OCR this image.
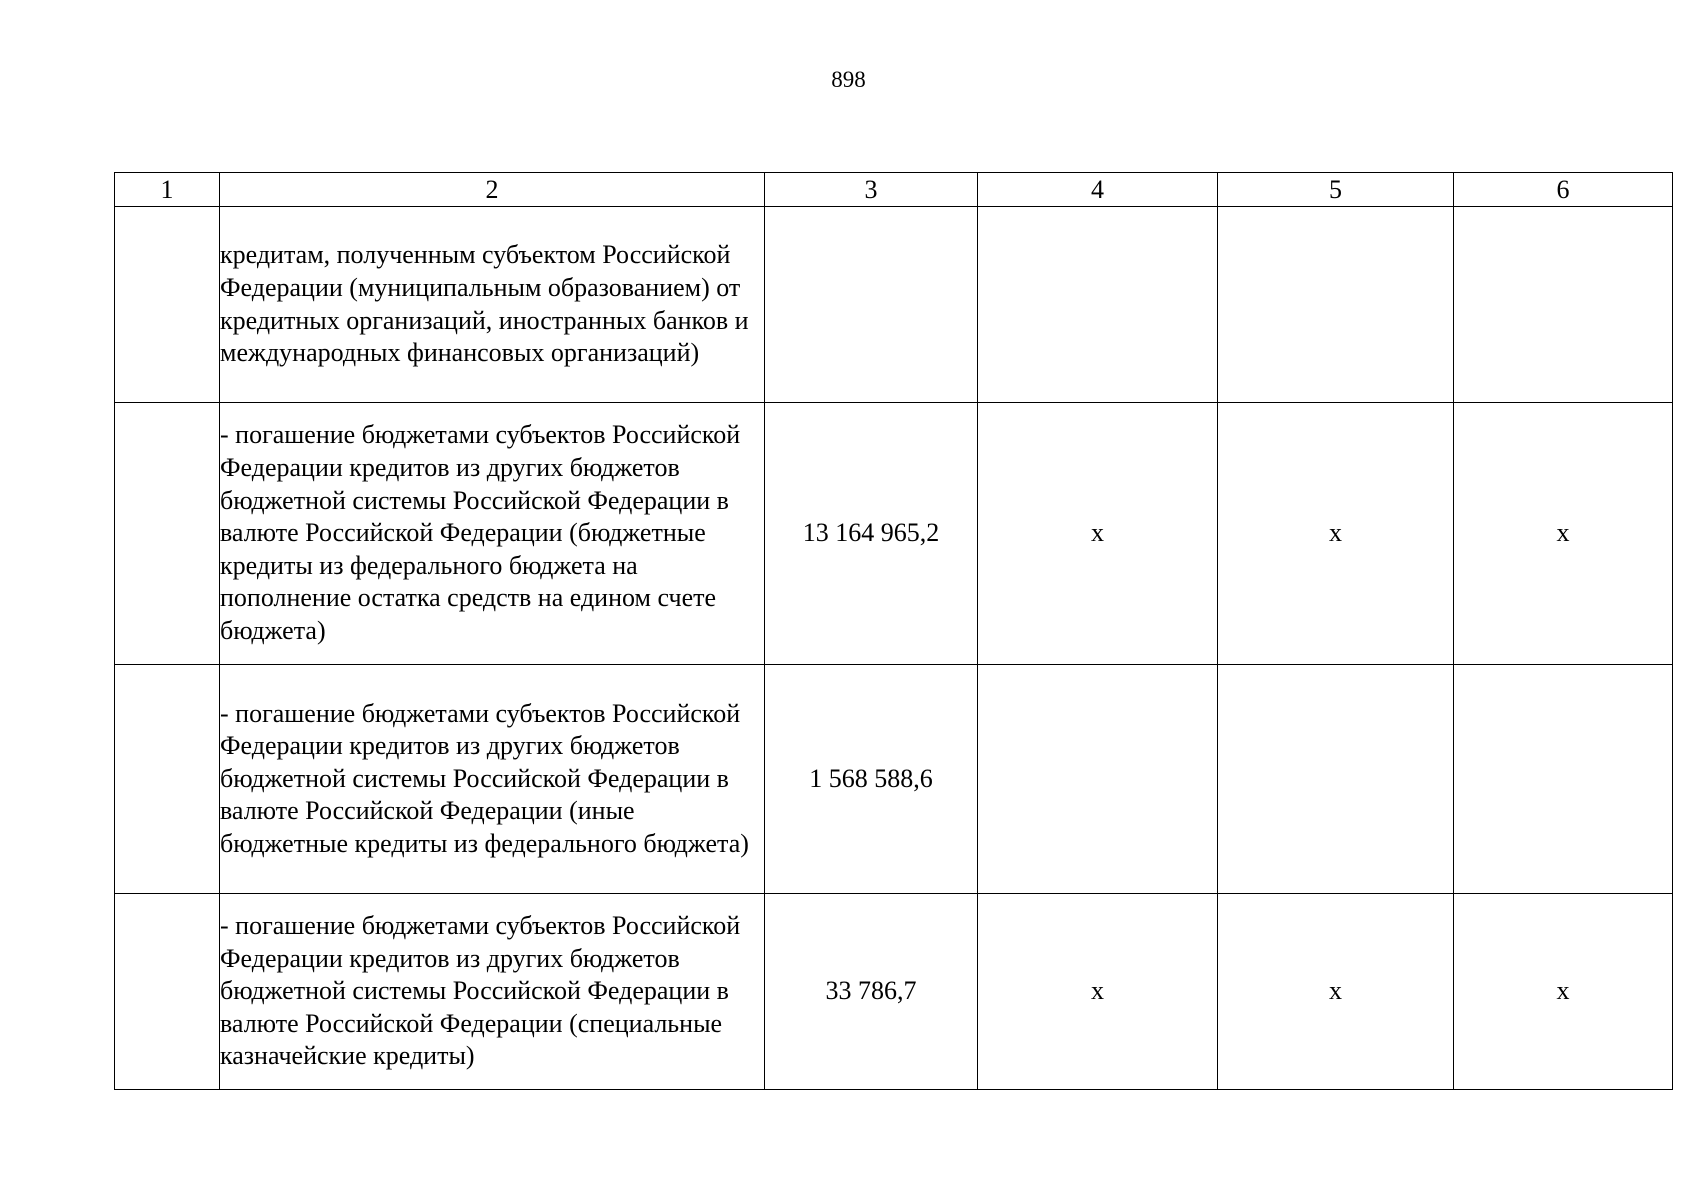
898
1	2	3	4	5	6
	кредитам, полученным субъектом Российской Федерации (муниципальным образованием) от кредитных организаций, иностранных банков и международных финансовых организаций)				
	- погашение бюджетами субъектов Российской Федерации кредитов из других бюджетов бюджетной системы Российской Федерации в валюте Российской Федерации (бюджетные кредиты из федерального бюджета на пополнение остатка средств на едином счете бюджета)	13 164 965,2	х	х	х
	- погашение бюджетами субъектов Российской Федерации кредитов из других бюджетов бюджетной системы Российской Федерации в валюте Российской Федерации (иные бюджетные кредиты из федерального бюджета)	1 568 588,6			
	- погашение бюджетами субъектов Российской Федерации кредитов из других бюджетов бюджетной системы Российской Федерации в валюте Российской Федерации (специальные казначейские кредиты)	33 786,7	х	х	х
